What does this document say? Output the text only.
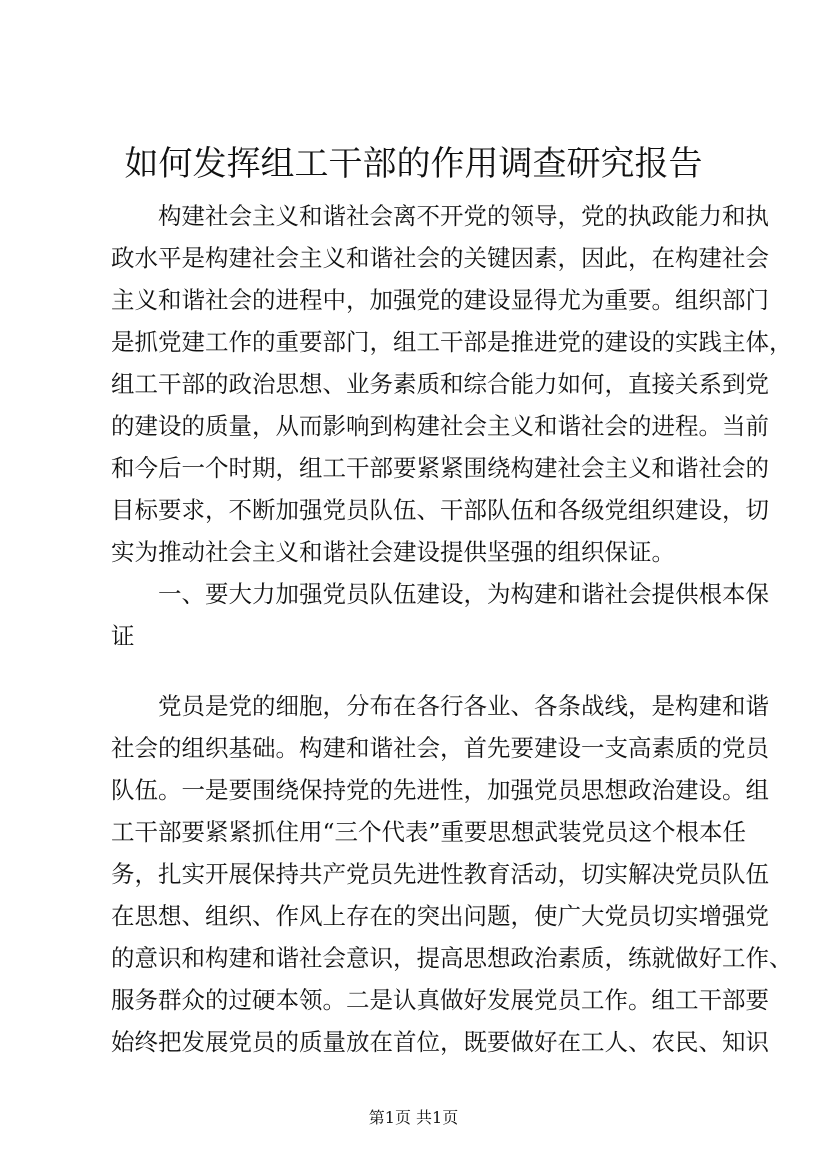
如何发挥组工干部的作用调查研究报告
构建社会主义和谐社会离不开党的领导，党的执政能力和执
政水平是构建社会主义和谐社会的关键因素，因此，在构建社会
主义和谐社会的进程中，加强党的建设显得尤为重要。组织部门
是抓党建工作的重要部门，组工干部是推进党的建设的实践主体，
组工干部的政治思想、业务素质和综合能力如何，直接关系到党
的建设的质量，从而影响到构建社会主义和谐社会的进程。当前
和今后一个时期，组工干部要紧紧围绕构建社会主义和谐社会的
目标要求，不断加强党员队伍、干部队伍和各级党组织建设，切
实为推动社会主义和谐社会建设提供坚强的组织保证。
一、要大力加强党员队伍建设，为构建和谐社会提供根本保
证
党员是党的细胞，分布在各行各业、各条战线，是构建和谐
社会的组织基础。构建和谐社会，首先要建设一支高素质的党员
队伍。一是要围绕保持党的先进性，加强党员思想政治建设。组
工干部要紧紧抓住用“三个代表”重要思想武装党员这个根本任
务，扎实开展保持共产党员先进性教育活动，切实解决党员队伍
在思想、组织、作风上存在的突出问题，使广大党员切实增强党
的意识和构建和谐社会意识，提高思想政治素质，练就做好工作、
服务群众的过硬本领。二是认真做好发展党员工作。组工干部要
始终把发展党员的质量放在首位，既要做好在工人、农民、知识
第1页 共1页
